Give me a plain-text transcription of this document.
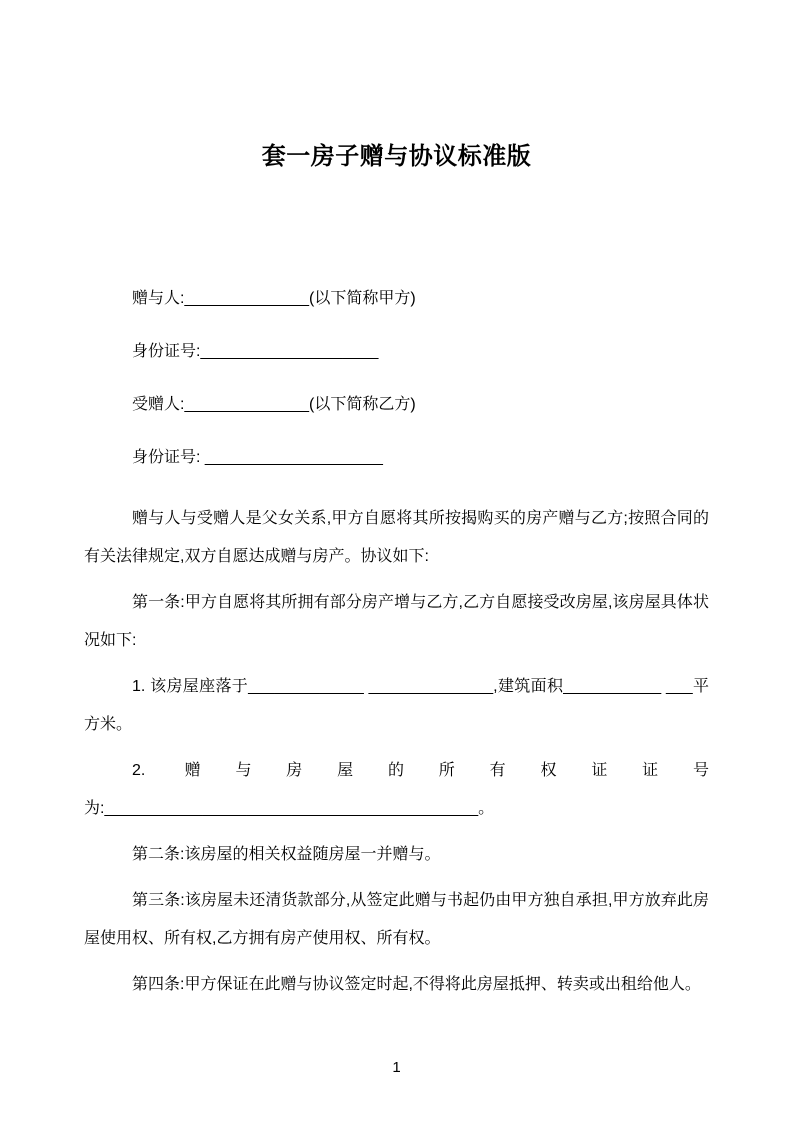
套一房子赠与协议标准版

赠与人:______________(以下简称甲方)

身份证号:____________________

受赠人:______________(以下简称乙方)

身份证号: ____________________

赠与人与受赠人是父女关系,甲方自愿将其所按揭购买的房产赠与乙方;按照合同的有关法律规定,双方自愿达成赠与房产。协议如下:

第一条:甲方自愿将其所拥有部分房产增与乙方,乙方自愿接受改房屋,该房屋具体状况如下:

1. 该房屋座落于_____________ ______________,建筑面积___________ ___平方米。

2. 赠与房屋的所有权证证号为:__________________________________________。

第二条:该房屋的相关权益随房屋一并赠与。

第三条:该房屋未还清货款部分,从签定此赠与书起仍由甲方独自承担,甲方放弃此房屋使用权、所有权,乙方拥有房产使用权、所有权。

第四条:甲方保证在此赠与协议签定时起,不得将此房屋抵押、转卖或出租给他人。

1
